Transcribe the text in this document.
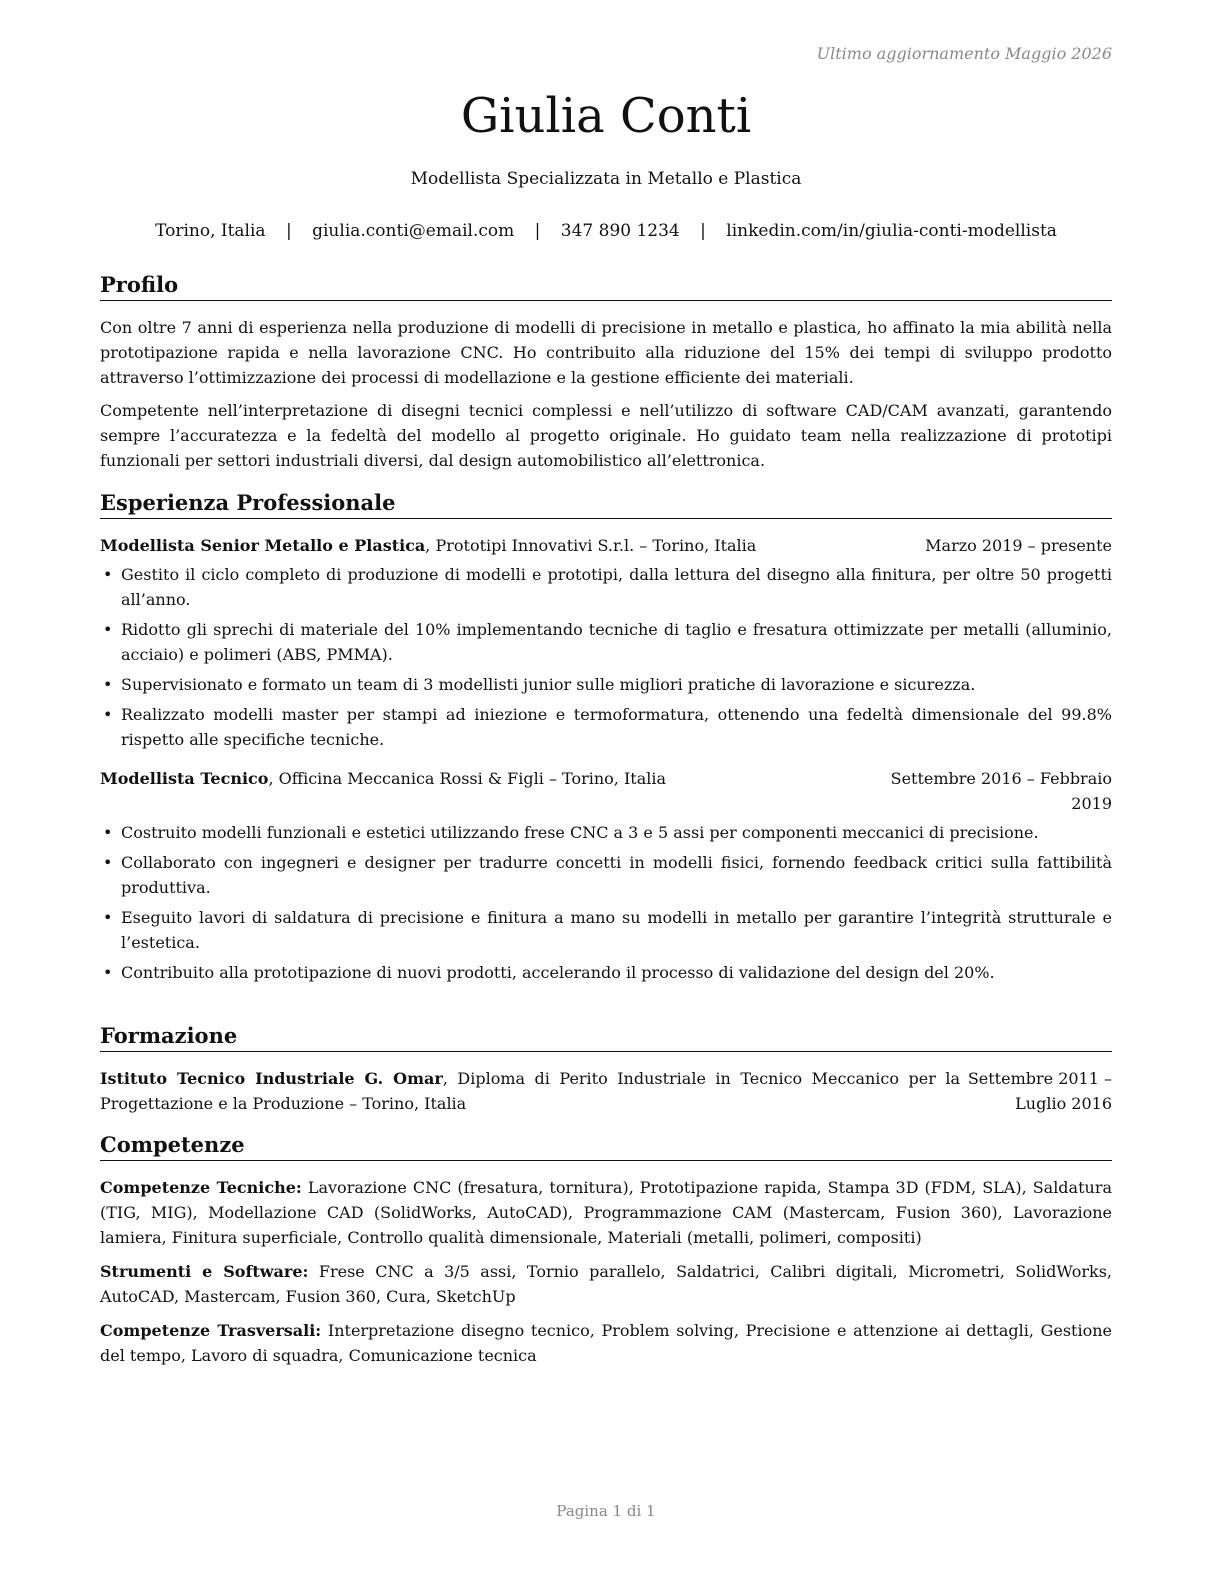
Ultimo aggiornamento Maggio 2026
Giulia Conti
Modellista Specializzata in Metallo e Plastica
Torino, Italia | giulia.conti@email.com | 347 890 1234 | linkedin.com/in/giulia-conti-modellista
Profilo

Con oltre 7 anni di esperienza nella produzione di modelli di precisione in metallo e plastica, ho affinato la mia abilità nella prototipazione rapida e nella lavorazione CNC. Ho contribuito alla riduzione del 15% dei tempi di sviluppo prodotto attraverso l’ottimizzazione dei processi di modellazione e la gestione efficiente dei materiali.

Competente nell’interpretazione di disegni tecnici complessi e nell’utilizzo di software CAD/CAM avanzati, garantendo sempre l’accuratezza e la fedeltà del modello al progetto originale. Ho guidato team nella realizzazione di prototipi funzionali per settori industriali diversi, dal design automobilistico all’elettronica.

Esperienza Professionale
Modellista Senior Metallo e Plastica, Prototipi Innovativi S.r.l. – Torino, Italia	Marzo 2019 – presente
• Gestito il ciclo completo di produzione di modelli e prototipi, dalla lettura del disegno alla finitura, per oltre 50 progetti all’anno.
• Ridotto gli sprechi di materiale del 10% implementando tecniche di taglio e fresatura ottimizzate per metalli (alluminio, acciaio) e polimeri (ABS, PMMA).
• Supervisionato e formato un team di 3 modellisti junior sulle migliori pratiche di lavorazione e sicurezza.
• Realizzato modelli master per stampi ad iniezione e termoformatura, ottenendo una fedeltà dimensionale del 99.8% rispetto alle specifiche tecniche.
Modellista Tecnico, Officina Meccanica Rossi & Figli – Torino, Italia	Settembre 2016 – Febbraio 2019
• Costruito modelli funzionali e estetici utilizzando frese CNC a 3 e 5 assi per componenti meccanici di precisione.
• Collaborato con ingegneri e designer per tradurre concetti in modelli fisici, fornendo feedback critici sulla fattibilità produttiva.
• Eseguito lavori di saldatura di precisione e finitura a mano su modelli in metallo per garantire l’integrità strutturale e l’estetica.
• Contribuito alla prototipazione di nuovi prodotti, accelerando il processo di validazione del design del 20%.
Formazione
Istituto Tecnico Industriale G. Omar, Diploma di Perito Industriale in Tecnico Meccanico per la Progettazione e la Produzione – Torino, Italia
Settembre 2011 – Luglio 2016
Competenze

Competenze Tecniche: Lavorazione CNC (fresatura, tornitura), Prototipazione rapida, Stampa 3D (FDM, SLA), Saldatura (TIG, MIG), Modellazione CAD (SolidWorks, AutoCAD), Programmazione CAM (Mastercam, Fusion 360), Lavorazione lamiera, Finitura superficiale, Controllo qualità dimensionale, Materiali (metalli, polimeri, compositi)

Strumenti e Software: Frese CNC a 3/5 assi, Tornio parallelo, Saldatrici, Calibri digitali, Micrometri, SolidWorks, AutoCAD, Mastercam, Fusion 360, Cura, SketchUp

Competenze Trasversali: Interpretazione disegno tecnico, Problem solving, Precisione e attenzione ai dettagli, Gestione del tempo, Lavoro di squadra, Comunicazione tecnica

Pagina 1 di 1
